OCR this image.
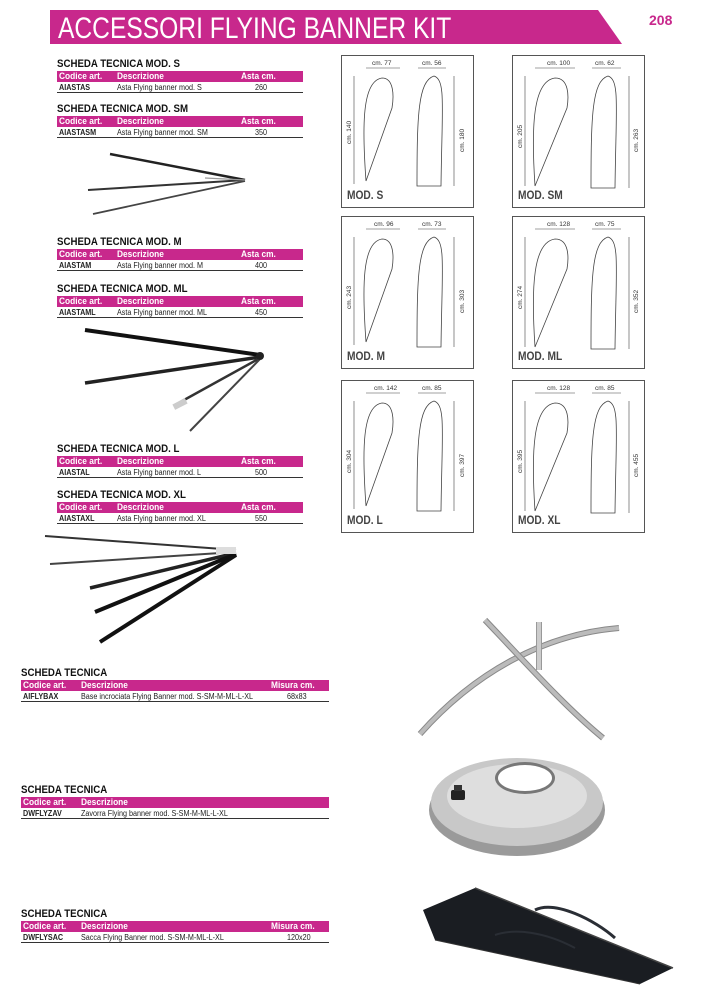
ACCESSORI FLYING BANNER KIT	208
SCHEDA TECNICA MOD. S
Codice art. Descrizione	Asta cm.
AIASTAS	Asta Flying banner mod. S	260
SCHEDA TECNICA MOD. SM
Codice art. Descrizione	Asta cm.
AIASTASM	Asta Flying banner mod. SM	350
SCHEDA TECNICA MOD. M
Codice art. Descrizione	Asta cm.
AIASTAM	Asta Flying banner mod. M	400
SCHEDA TECNICA MOD. ML
Codice art. Descrizione	Asta cm.
AIASTAML	Asta Flying banner mod. ML	450
SCHEDA TECNICA MOD. L
Codice art. Descrizione	Asta cm.
AIASTAL	Asta Flying banner mod. L	500
SCHEDA TECNICA MOD. XL
Codice art. Descrizione	Asta cm.
AIASTAXL	Asta Flying banner mod. XL	550
SCHEDA TECNICA
Codice art. Descrizione	Misura cm.
AIFLYBAX	Base incrociata Flying Banner mod. S-SM-M-ML-L-XL	68x83
SCHEDA TECNICA
Codice art. Descrizione
DWFLYZAV Zavorra Flying banner mod. S-SM-M-ML-L-XL
SCHEDA TECNICA
Codice art. Descrizione	Misura cm.
DWFLYSAC Sacca Flying Banner mod. S-SM-M-ML-L-XL	120x20
cm. 77	cm. 56
cm. 140	cm. 180
MOD. S
cm. 100	cm. 62
cm. 205	cm. 263
MOD. SM
cm. 96	cm. 73
cm. 243	cm. 303
MOD. M
cm. 128	cm. 75
cm. 274	cm. 352
MOD. ML
cm. 142	cm. 85
cm. 304	cm. 397
MOD. L
cm. 128	cm. 85
cm. 395	cm. 455
MOD. XL
